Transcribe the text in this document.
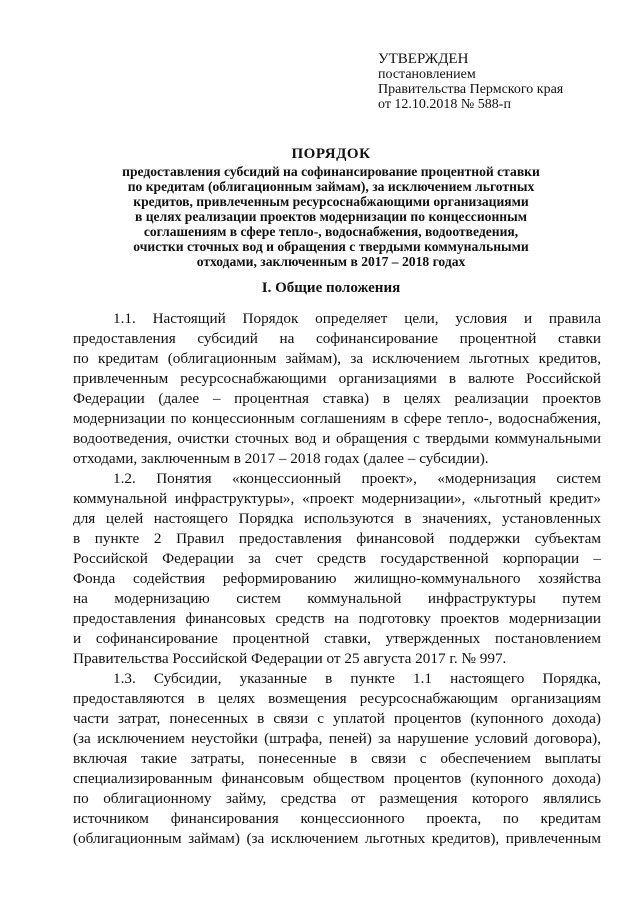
УТВЕРЖДЕН
постановлением
Правительства Пермского края
от 12.10.2018 № 588-п
ПОРЯДОК
предоставления субсидий на софинансирование процентной ставки
по кредитам (облигационным займам), за исключением льготных
кредитов, привлеченным ресурсоснабжающими организациями
в целях реализации проектов модернизации по концессионным
соглашениям в сфере тепло-, водоснабжения, водоотведения,
очистки сточных вод и обращения с твердыми коммунальными
отходами, заключенным в 2017 – 2018 годах
I. Общие положения
1.1. Настоящий Порядок определяет цели, условия и правила
предоставления субсидий на софинансирование процентной ставки
по кредитам (облигационным займам), за исключением льготных кредитов,
привлеченным ресурсоснабжающими организациями в валюте Российской
Федерации (далее – процентная ставка) в целях реализации проектов
модернизации по концессионным соглашениям в сфере тепло-, водоснабжения,
водоотведения, очистки сточных вод и обращения с твердыми коммунальными
отходами, заключенным в 2017 – 2018 годах (далее – субсидии).
1.2. Понятия «концессионный проект», «модернизация систем
коммунальной инфраструктуры», «проект модернизации», «льготный кредит»
для целей настоящего Порядка используются в значениях, установленных
в пункте 2 Правил предоставления финансовой поддержки субъектам
Российской Федерации за счет средств государственной корпорации –
Фонда содействия реформированию жилищно-коммунального хозяйства
на модернизацию систем коммунальной инфраструктуры путем
предоставления финансовых средств на подготовку проектов модернизации
и софинансирование процентной ставки, утвержденных постановлением
Правительства Российской Федерации от 25 августа 2017 г. № 997.
1.3. Субсидии, указанные в пункте 1.1 настоящего Порядка,
предоставляются в целях возмещения ресурсоснабжающим организациям
части затрат, понесенных в связи с уплатой процентов (купонного дохода)
(за исключением неустойки (штрафа, пеней) за нарушение условий договора),
включая такие затраты, понесенные в связи с обеспечением выплаты
специализированным финансовым обществом процентов (купонного дохода)
по облигационному займу, средства от размещения которого являлись
источником финансирования концессионного проекта, по кредитам
(облигационным займам) (за исключением льготных кредитов), привлеченным
